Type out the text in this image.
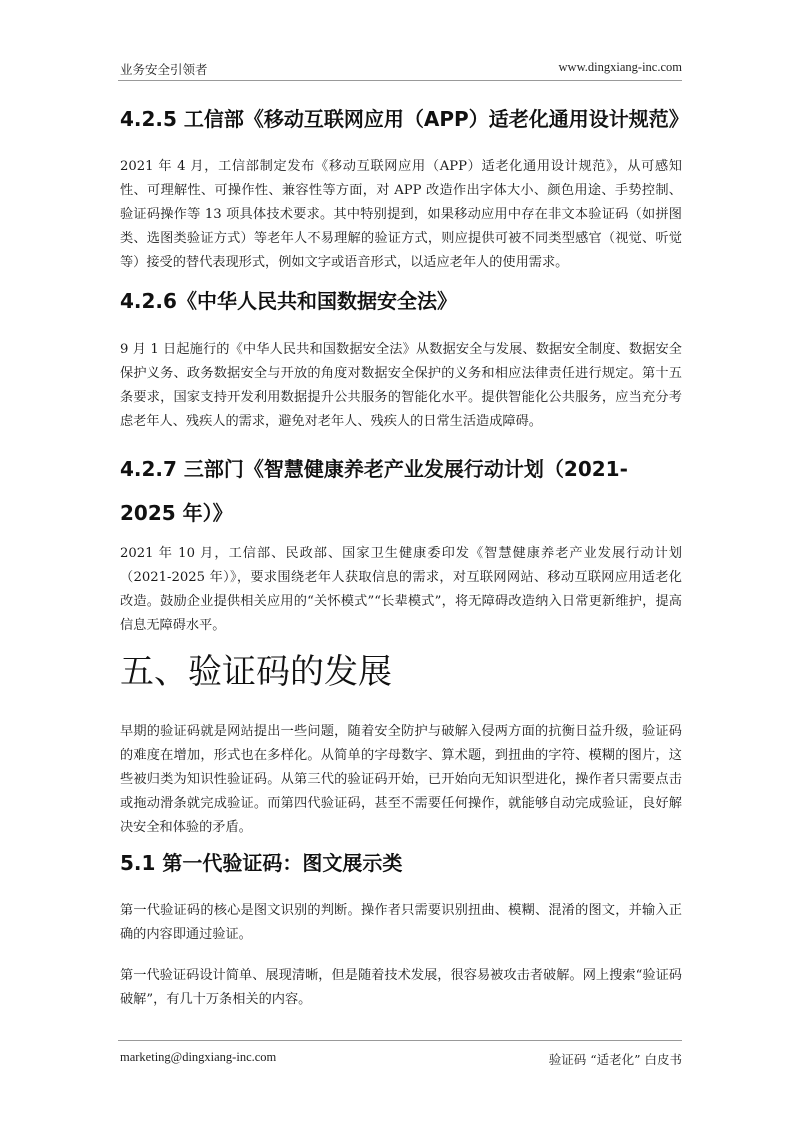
业务安全引领者	www.dingxiang-inc.com
4.2.5 工信部《移动互联网应用（APP）适老化通用设计规范》

2021 年 4 月，工信部制定发布《移动互联网应用（APP）适老化通用设计规范》，从可感知性、可理解性、可操作性、兼容性等方面，对 APP 改造作出字体大小、颜色用途、手势控制、验证码操作等 13 项具体技术要求。其中特别提到，如果移动应用中存在非文本验证码（如拼图类、选图类验证方式）等老年人不易理解的验证方式，则应提供可被不同类型感官（视觉、听觉等）接受的替代表现形式，例如文字或语音形式，以适应老年人的使用需求。

4.2.6《中华人民共和国数据安全法》

9 月 1 日起施行的《中华人民共和国数据安全法》从数据安全与发展、数据安全制度、数据安全保护义务、政务数据安全与开放的角度对数据安全保护的义务和相应法律责任进行规定。第十五条要求，国家支持开发利用数据提升公共服务的智能化水平。提供智能化公共服务，应当充分考虑老年人、残疾人的需求，避免对老年人、残疾人的日常生活造成障碍。

4.2.7 三部门《智慧健康养老产业发展行动计划（2021-2025 年）》

2021 年 10 月，工信部、民政部、国家卫生健康委印发《智慧健康养老产业发展行动计划（2021-2025 年）》，要求围绕老年人获取信息的需求，对互联网网站、移动互联网应用适老化改造。鼓励企业提供相关应用的“关怀模式”“长辈模式”，将无障碍改造纳入日常更新维护，提高信息无障碍水平。

五、验证码的发展

早期的验证码就是网站提出一些问题，随着安全防护与破解入侵两方面的抗衡日益升级，验证码的难度在增加，形式也在多样化。从简单的字母数字、算术题，到扭曲的字符、模糊的图片，这些被归类为知识性验证码。从第三代的验证码开始，已开始向无知识型进化，操作者只需要点击或拖动滑条就完成验证。而第四代验证码，甚至不需要任何操作，就能够自动完成验证，良好解决安全和体验的矛盾。

5.1 第一代验证码：图文展示类

第一代验证码的核心是图文识别的判断。操作者只需要识别扭曲、模糊、混淆的图文，并输入正确的内容即通过验证。

第一代验证码设计简单、展现清晰，但是随着技术发展，很容易被攻击者破解。网上搜索“验证码破解”，有几十万条相关的内容。

marketing@dingxiang-inc.com	验证码 “适老化” 白皮书
